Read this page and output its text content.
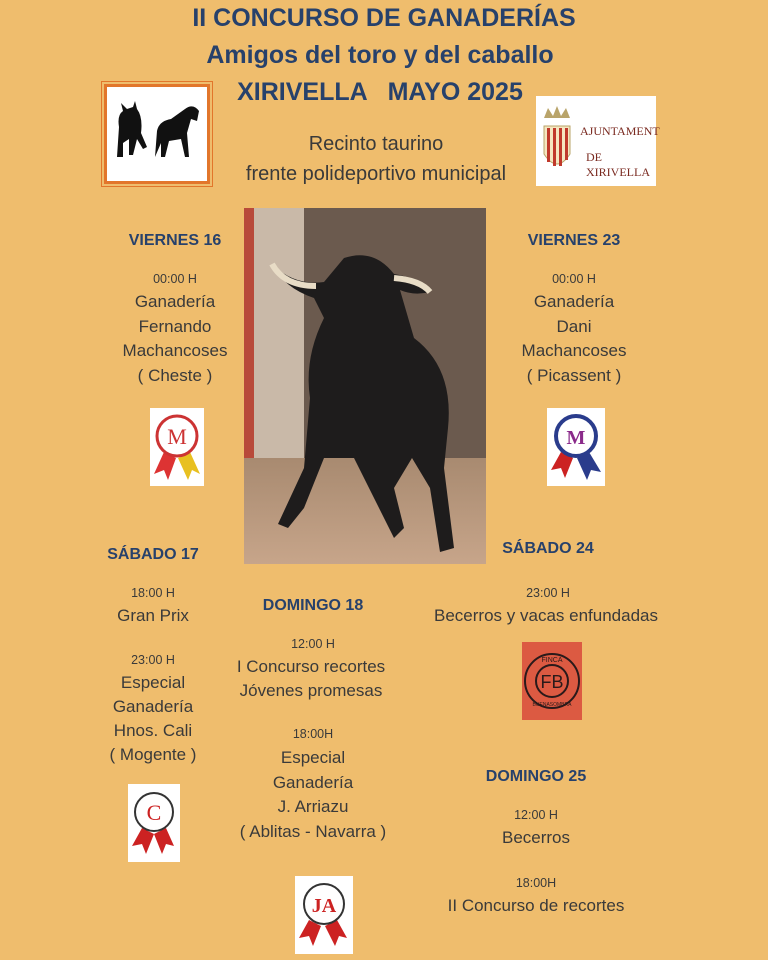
II CONCURSO DE GANADERÍAS
Amigos del toro y del caballo
XIRIVELLA   MAYO 2025
AJUNTAMENT
DE XIRIVELLA
Recinto taurino
frente polideportivo municipal
VIERNES 16
00:00 H
Ganadería
Fernando
Machancoses
( Cheste )
M
VIERNES 23
00:00 H
Ganadería
Dani
Machancoses
( Picassent )
M
SÁBADO 17
18:00 H
Gran Prix
23:00 H
Especial
Ganadería
Hnos. Cali
( Mogente )
C
DOMINGO 18
12:00 H
I Concurso recortes
Jóvenes promesas
18:00H
Especial
Ganadería
J. Arriazu
( Ablitas - Navarra )
JA
SÁBADO 24
23:00 H
Becerros y vacas enfundadas
FB
FINCA
BUENASOMBRA
DOMINGO 25
12:00 H
Becerros
18:00H
II Concurso de recortes
